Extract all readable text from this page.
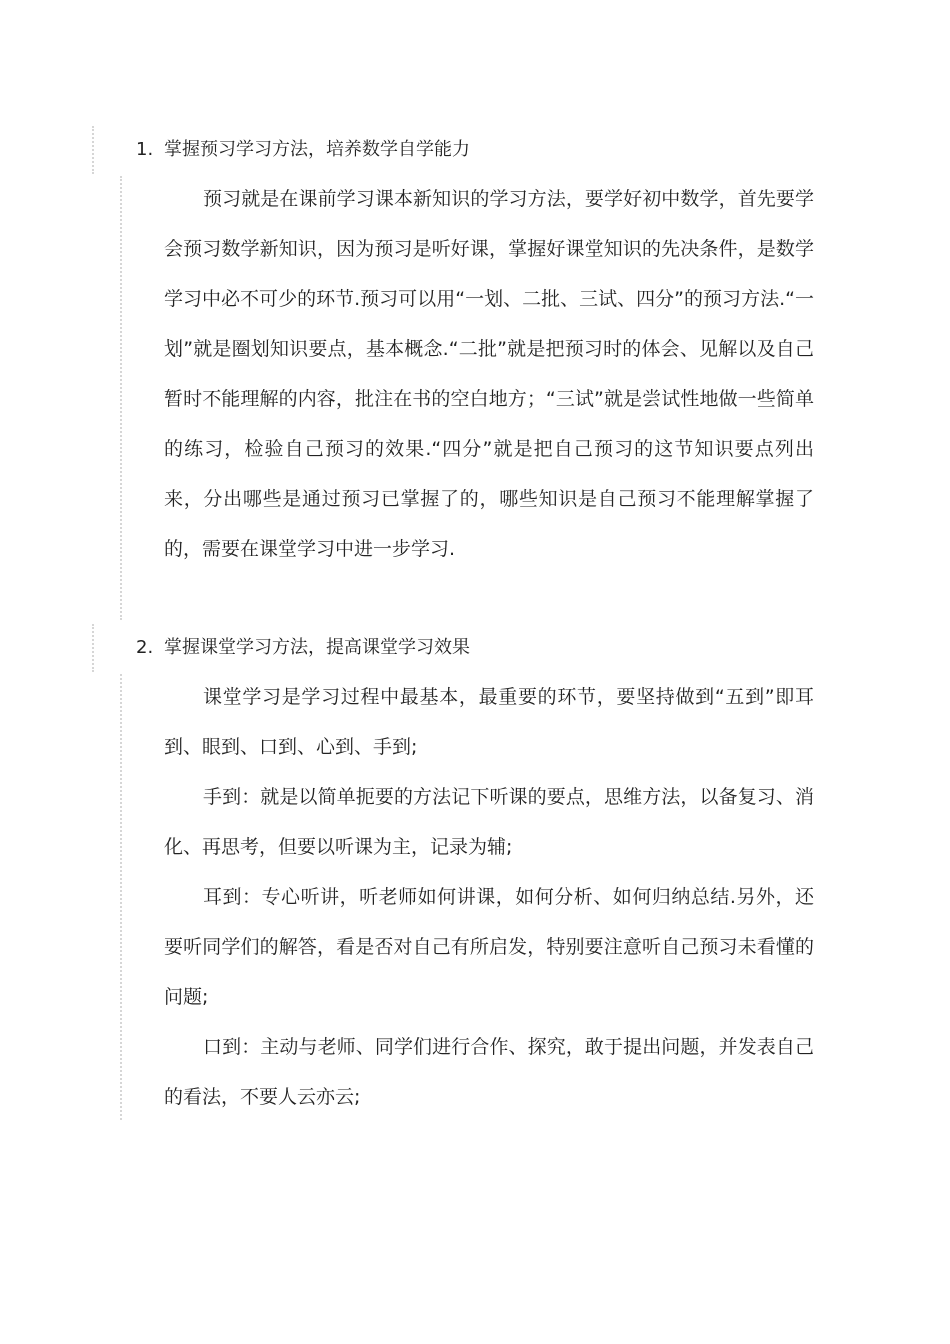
1. 掌握预习学习方法，培养数学自学能力

预习就是在课前学习课本新知识的学习方法，要学好初中数学，首先要学会预习数学新知识，因为预习是听好课，掌握好课堂知识的先决条件，是数学学习中必不可少的环节.预习可以用“一划、二批、三试、四分”的预习方法.“一划”就是圈划知识要点，基本概念.“二批”就是把预习时的体会、见解以及自己暂时不能理解的内容，批注在书的空白地方；“三试”就是尝试性地做一些简单的练习，检验自己预习的效果.“四分”就是把自己预习的这节知识要点列出来，分出哪些是通过预习已掌握了的，哪些知识是自己预习不能理解掌握了的，需要在课堂学习中进一步学习.

2. 掌握课堂学习方法，提高课堂学习效果

课堂学习是学习过程中最基本，最重要的环节，要坚持做到“五到”即耳到、眼到、口到、心到、手到;

手到：就是以简单扼要的方法记下听课的要点，思维方法，以备复习、消化、再思考，但要以听课为主，记录为辅;

耳到：专心听讲，听老师如何讲课，如何分析、如何归纳总结.另外，还要听同学们的解答，看是否对自己有所启发，特别要注意听自己预习未看懂的问题;

口到：主动与老师、同学们进行合作、探究，敢于提出问题，并发表自己的看法，不要人云亦云;
